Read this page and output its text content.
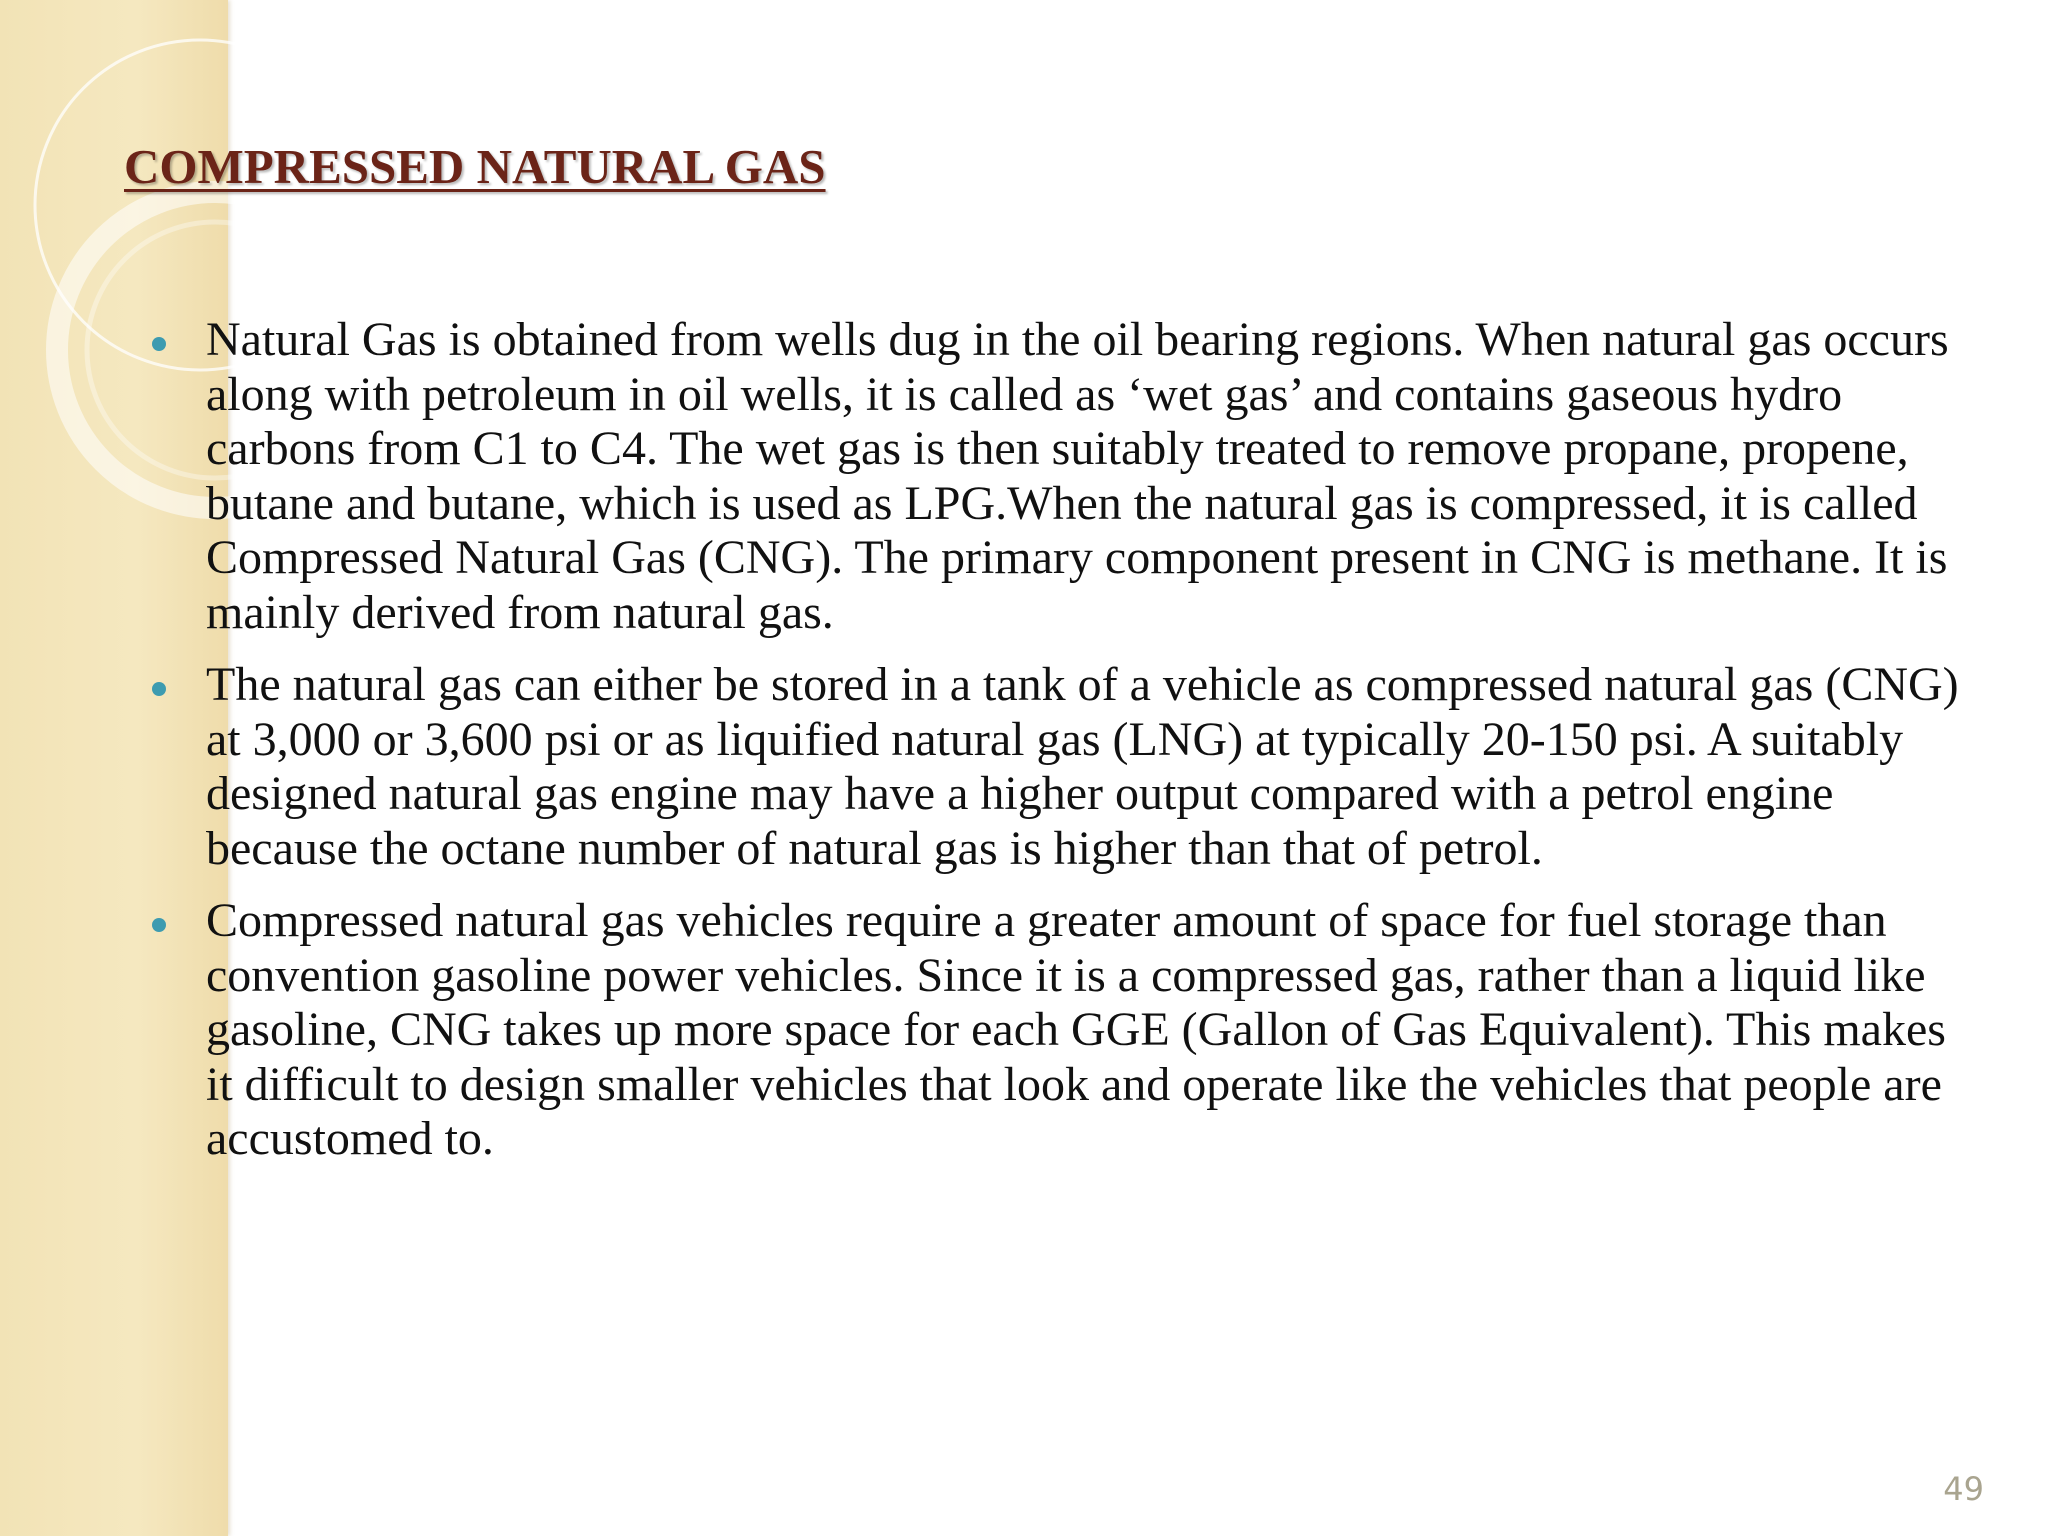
COMPRESSED NATURAL GAS
Natural Gas is obtained from wells dug in the oil bearing regions. When natural gas occurs along with petroleum in oil wells, it is called as ‘wet gas’ and contains gaseous hydro carbons from C1 to C4. The wet gas is then suitably treated to remove propane, propene, butane and butane, which is used as LPG.When the natural gas is compressed, it is called Compressed Natural Gas (CNG). The primary component present in CNG is methane. It is mainly derived from natural gas.
The natural gas can either be stored in a tank of a vehicle as compressed natural gas (CNG) at 3,000 or 3,600 psi or as liquified natural gas (LNG) at typically 20-150 psi. A suitably designed natural gas engine may have a higher output compared with a petrol engine because the octane number of natural gas is higher than that of petrol.
Compressed natural gas vehicles require a greater amount of space for fuel storage than convention gasoline power vehicles. Since it is a compressed gas, rather than a liquid like gasoline, CNG takes up more space for each GGE (Gallon of Gas Equivalent). This makes it difficult to design smaller vehicles that look and operate like the vehicles that people are accustomed to.
49
